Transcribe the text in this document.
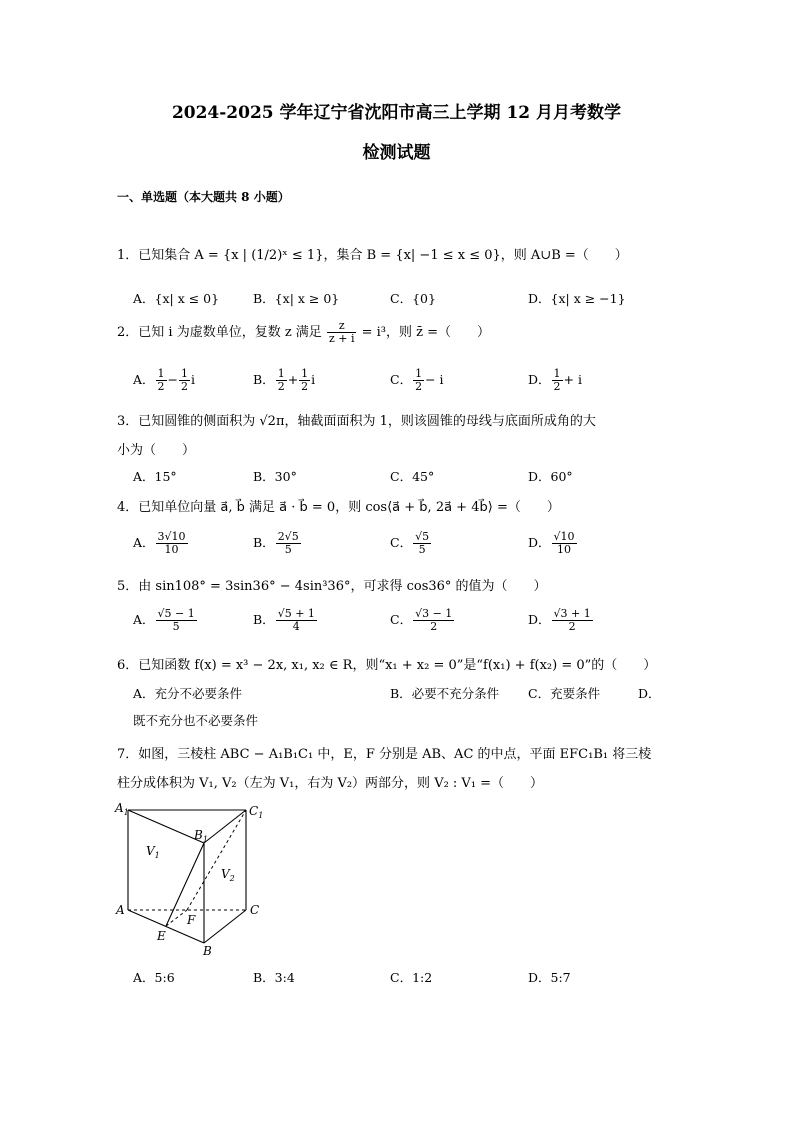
2024-2025 学年辽宁省沈阳市高三上学期 12 月月考数学
检测试题
一、单选题（本大题共 8 小题）
1．已知集合 A = {x | (1/2)ˣ ≤ 1}，集合 B = {x| −1 ≤ x ≤ 0}，则 A∪B =（　　）
A．{x| x ≤ 0}	B．{x| x ≥ 0}	C．{0}	D．{x| x ≥ −1}
2．已知 i 为虚数单位，复数 z 满足 $\frac{z}{z + i} = i^3$，则 z̄ =（　　）
A． $\frac{1}{2} - \frac{1}{2}$ i	B． $\frac{1}{2} + \frac{1}{2}$ i	C． $\frac{1}{2} - i$	D． $\frac{1}{2} + i$
3．已知圆锥的侧面积为 √2π，轴截面面积为 1，则该圆锥的母线与底面所成角的大
小为（　　）
A．15°	B．30°	C．45°	D．60°
4．已知单位向量 a⃗, b⃗ 满足 a⃗ · b⃗ = 0，则 cos⟨a⃗ + b⃗, 2a⃗ + 4b⃗⟩ =（　　）
A． $\frac{3√10}{10}$	B． $\frac{2√5}{5}$	C． $\frac{√5}{5}$	D． $\frac{√10}{10}$
5．由 sin108° = 3sin36° − 4sin³36°，可求得 cos36° 的值为（　　）
A． $\frac{√5 - 1}{5}$	B． $\frac{√5 + 1}{4}$	C． $\frac{√3 - 1}{2}$	D． $\frac{√3 + 1}{2}$
6．已知函数 f(x) = x³ − 2x, x₁, x₂ ∈ R，则“x₁ + x₂ = 0”是“f(x₁) + f(x₂) = 0”的（　　）
A．充分不必要条件	B．必要不充分条件 C．充要条件	D．
既不充分也不必要条件
7．如图，三棱柱 ABC − A₁B₁C₁ 中，E，F 分别是 AB、AC 的中点，平面 EFC₁B₁ 将三棱
柱分成体积为 V₁, V₂（左为 V₁，右为 V₂）两部分，则 V₂ : V₁ =（　　）
$A_1$
$B_1$
$C_1$
$V_1$
$V_2$
A	C
F
E
B
A．5:6	B．3:4	C．1:2	D．5:7
